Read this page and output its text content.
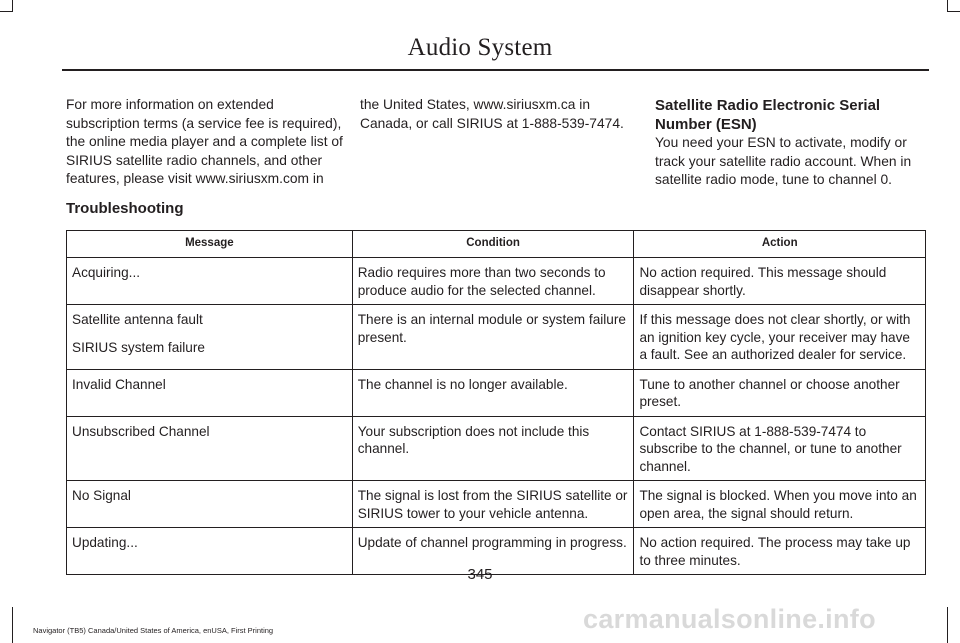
Audio System

For more information on extended subscription terms (a service fee is required), the online media player and a complete list of SIRIUS satellite radio channels, and other features, please visit www.siriusxm.com in

the United States, www.siriusxm.ca in Canada, or call SIRIUS at 1-888-539-7474.

Satellite Radio Electronic Serial Number (ESN)

You need your ESN to activate, modify or track your satellite radio account. When in satellite radio mode, tune to channel 0.

Troubleshooting
Message	Condition	Action

Acquiring...	Radio requires more than two seconds to produce audio for the selected channel.	No action required. This message should disappear shortly.

Satellite antenna fault
SIRIUS system failure	There is an internal module or system failure present.	If this message does not clear shortly, or with an ignition key cycle, your receiver may have a fault. See an authorized dealer for service.

Invalid Channel	The channel is no longer available.	Tune to another channel or choose another preset.

Unsubscribed Channel	Your subscription does not include this channel.	Contact SIRIUS at 1-888-539-7474 to subscribe to the channel, or tune to another channel.

No Signal	The signal is lost from the SIRIUS satellite or SIRIUS tower to your vehicle antenna.	The signal is blocked. When you move into an open area, the signal should return.

Updating...	Update of channel programming in progress.	No action required. The process may take up to three minutes.
345
Navigator (TB5) Canada/United States of America, enUSA, First Printing	carmanualsonline.info
